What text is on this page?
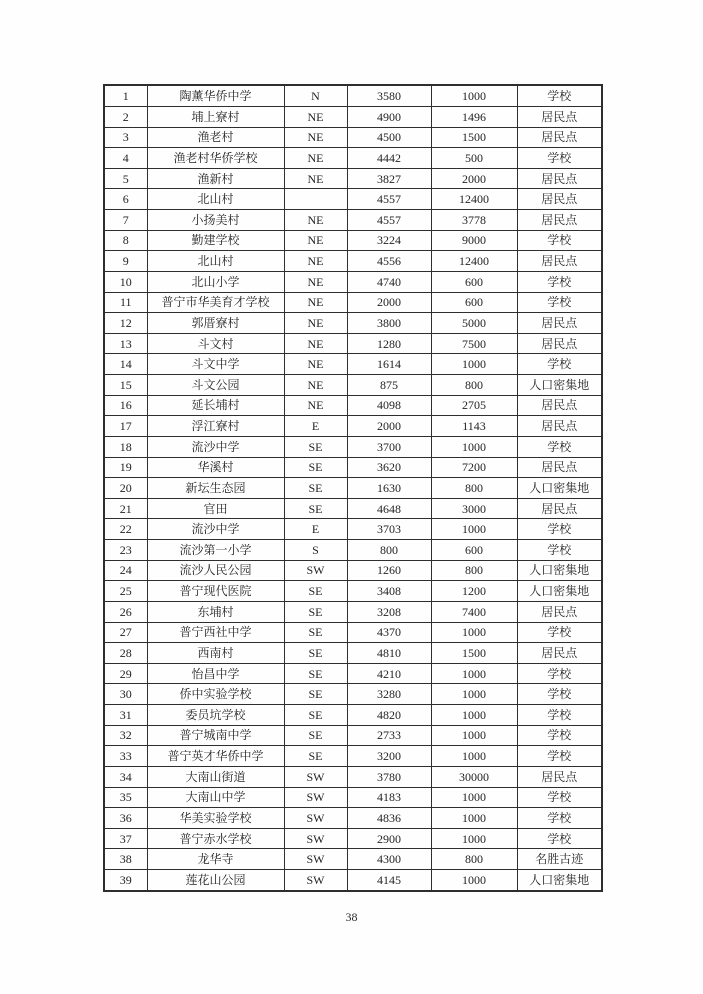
1	陶薰华侨中学	N	3580	1000	学校
2	埔上寮村	NE	4900	1496	居民点
3	渔老村	NE	4500	1500	居民点
4	渔老村华侨学校	NE	4442	500	学校
5	渔新村	NE	3827	2000	居民点
6	北山村		4557	12400	居民点
7	小扬美村	NE	4557	3778	居民点
8	勤建学校	NE	3224	9000	学校
9	北山村	NE	4556	12400	居民点
10	北山小学	NE	4740	600	学校
11	普宁市华美育才学校	NE	2000	600	学校
12	郭厝寮村	NE	3800	5000	居民点
13	斗文村	NE	1280	7500	居民点
14	斗文中学	NE	1614	1000	学校
15	斗文公园	NE	875	800	人口密集地
16	延长埔村	NE	4098	2705	居民点
17	浮江寮村	E	2000	1143	居民点
18	流沙中学	SE	3700	1000	学校
19	华溪村	SE	3620	7200	居民点
20	新坛生态园	SE	1630	800	人口密集地
21	官田	SE	4648	3000	居民点
22	流沙中学	E	3703	1000	学校
23	流沙第一小学	S	800	600	学校
24	流沙人民公园	SW	1260	800	人口密集地
25	普宁现代医院	SE	3408	1200	人口密集地
26	东埔村	SE	3208	7400	居民点
27	普宁西社中学	SE	4370	1000	学校
28	西南村	SE	4810	1500	居民点
29	怡昌中学	SE	4210	1000	学校
30	侨中实验学校	SE	3280	1000	学校
31	委员坑学校	SE	4820	1000	学校
32	普宁城南中学	SE	2733	1000	学校
33	普宁英才华侨中学	SE	3200	1000	学校
34	大南山街道	SW	3780	30000	居民点
35	大南山中学	SW	4183	1000	学校
36	华美实验学校	SW	4836	1000	学校
37	普宁赤水学校	SW	2900	1000	学校
38	龙华寺	SW	4300	800	名胜古迹
39	莲花山公园	SW	4145	1000	人口密集地
38
